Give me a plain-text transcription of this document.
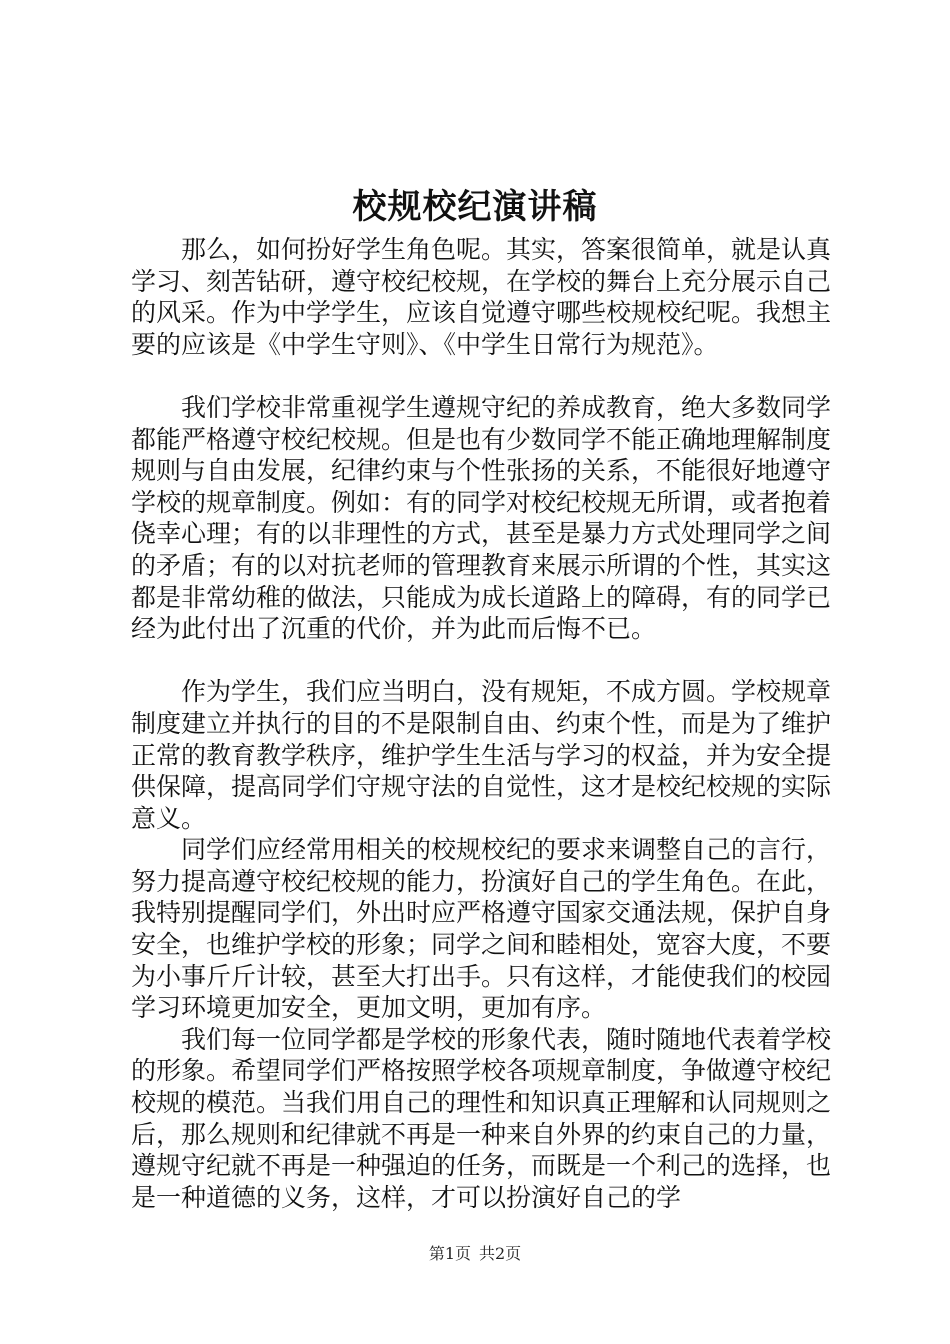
校规校纪演讲稿

那么，如何扮好学生角色呢。其实，答案很简单，就是认真学习、刻苦钻研，遵守校纪校规，在学校的舞台上充分展示自己的风采。作为中学学生，应该自觉遵守哪些校规校纪呢。我想主要的应该是《中学生守则》、《中学生日常行为规范》。

我们学校非常重视学生遵规守纪的养成教育，绝大多数同学都能严格遵守校纪校规。但是也有少数同学不能正确地理解制度规则与自由发展，纪律约束与个性张扬的关系，不能很好地遵守学校的规章制度。例如：有的同学对校纪校规无所谓，或者抱着侥幸心理；有的以非理性的方式，甚至是暴力方式处理同学之间的矛盾；有的以对抗老师的管理教育来展示所谓的个性，其实这都是非常幼稚的做法，只能成为成长道路上的障碍，有的同学已经为此付出了沉重的代价，并为此而后悔不已。

作为学生，我们应当明白，没有规矩，不成方圆。学校规章制度建立并执行的目的不是限制自由、约束个性，而是为了维护正常的教育教学秩序，维护学生生活与学习的权益，并为安全提供保障，提高同学们守规守法的自觉性，这才是校纪校规的实际意义。

同学们应经常用相关的校规校纪的要求来调整自己的言行，努力提高遵守校纪校规的能力，扮演好自己的学生角色。在此，我特别提醒同学们，外出时应严格遵守国家交通法规，保护自身安全，也维护学校的形象；同学之间和睦相处，宽容大度，不要为小事斤斤计较，甚至大打出手。只有这样，才能使我们的校园学习环境更加安全，更加文明，更加有序。

我们每一位同学都是学校的形象代表，随时随地代表着学校的形象。希望同学们严格按照学校各项规章制度，争做遵守校纪校规的模范。当我们用自己的理性和知识真正理解和认同规则之后，那么规则和纪律就不再是一种来自外界的约束自己的力量，遵规守纪就不再是一种强迫的任务，而既是一个利己的选择，也是一种道德的义务，这样，才可以扮演好自己的学

第1页 共2页
